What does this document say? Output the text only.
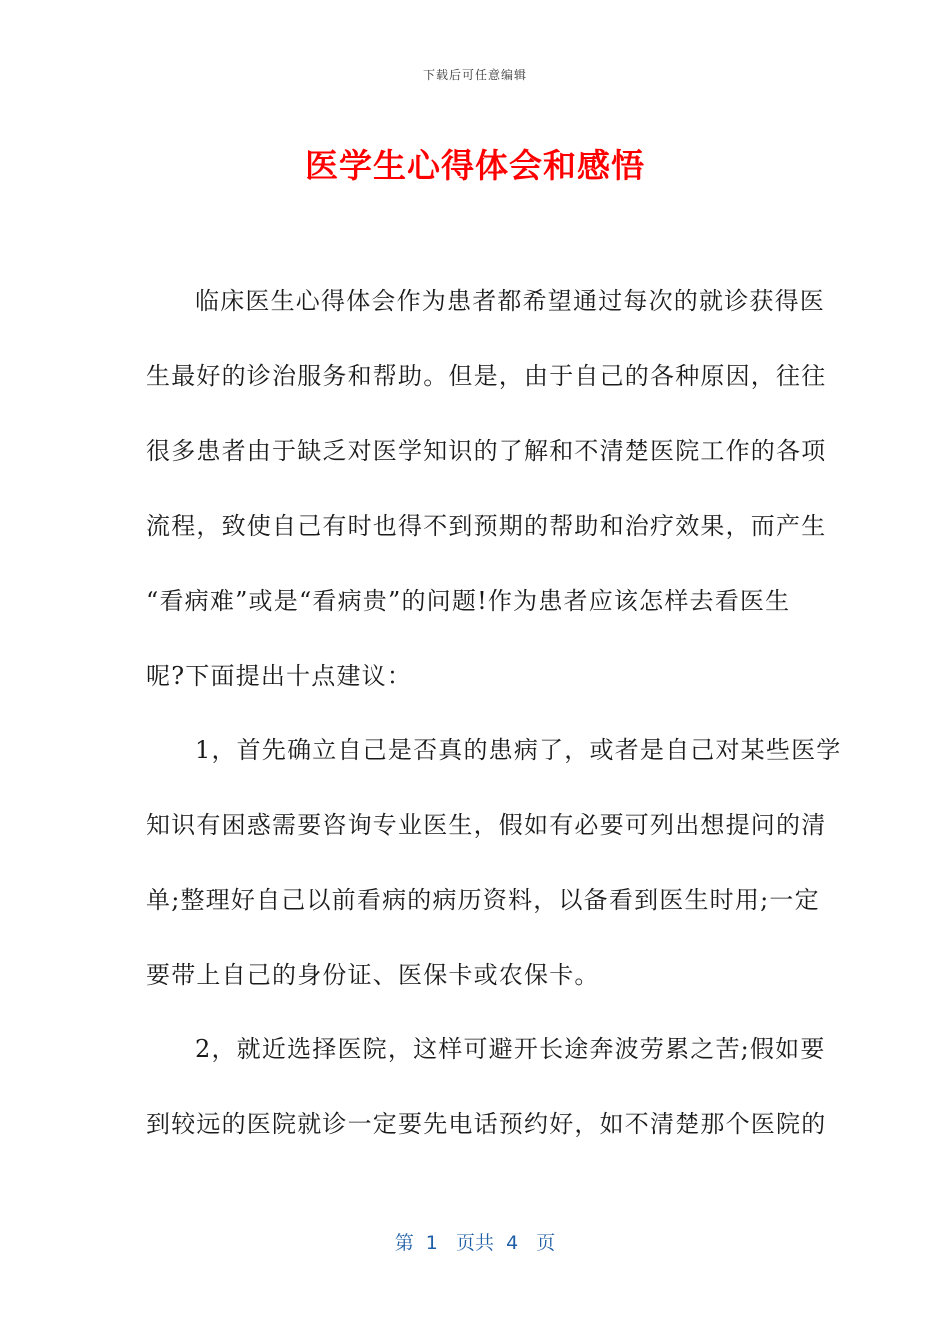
下载后可任意编辑
医学生心得体会和感悟
临床医生心得体会作为患者都希望通过每次的就诊获得医
生最好的诊治服务和帮助。但是，由于自己的各种原因，往往
很多患者由于缺乏对医学知识的了解和不清楚医院工作的各项
流程，致使自己有时也得不到预期的帮助和治疗效果，而产生
“看病难”或是“看病贵”的问题!作为患者应该怎样去看医生
呢?下面提出十点建议：
1，首先确立自己是否真的患病了，或者是自己对某些医学
知识有困惑需要咨询专业医生，假如有必要可列出想提问的清
单;整理好自己以前看病的病历资料，以备看到医生时用;一定
要带上自己的身份证、医保卡或农保卡。
2，就近选择医院，这样可避开长途奔波劳累之苦;假如要
到较远的医院就诊一定要先电话预约好，如不清楚那个医院的
第  1   页共  4   页
